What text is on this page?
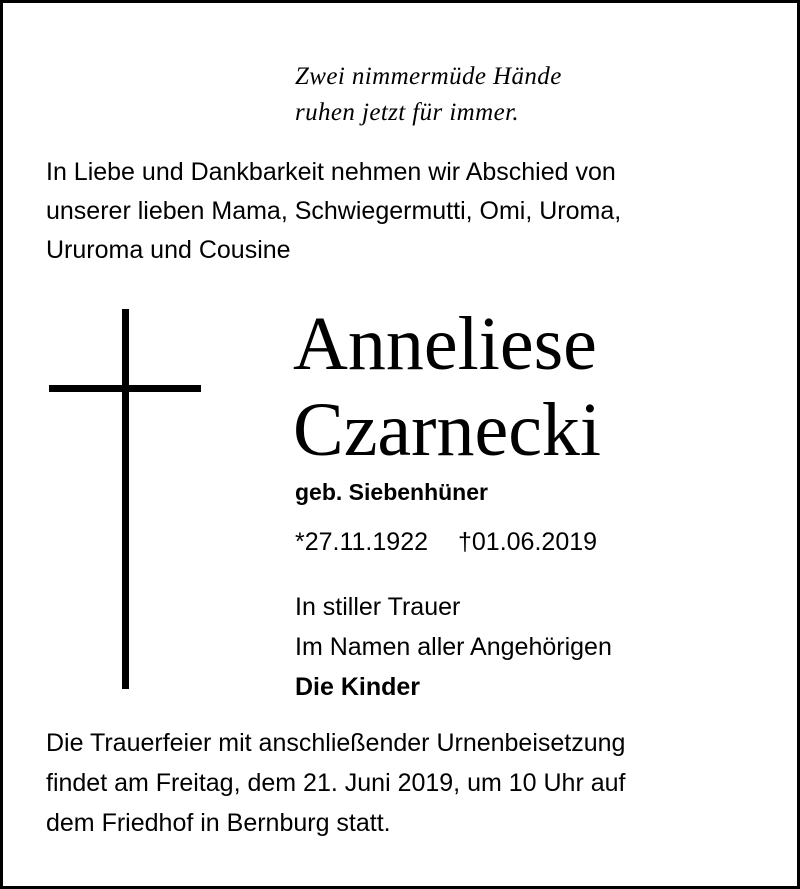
Zwei nimmermüde Hände
ruhen jetzt für immer.

In Liebe und Dankbarkeit nehmen wir Abschied von
unserer lieben Mama, Schwiegermutti, Omi, Uroma,
Ururoma und Cousine

Anneliese
Czarnecki

geb. Siebenhüner

*27.11.1922 †01.06.2019

In stiller Trauer
Im Namen aller Angehörigen
Die Kinder

Die Trauerfeier mit anschließender Urnenbeisetzung
findet am Freitag, dem 21. Juni 2019, um 10 Uhr auf
dem Friedhof in Bernburg statt.
